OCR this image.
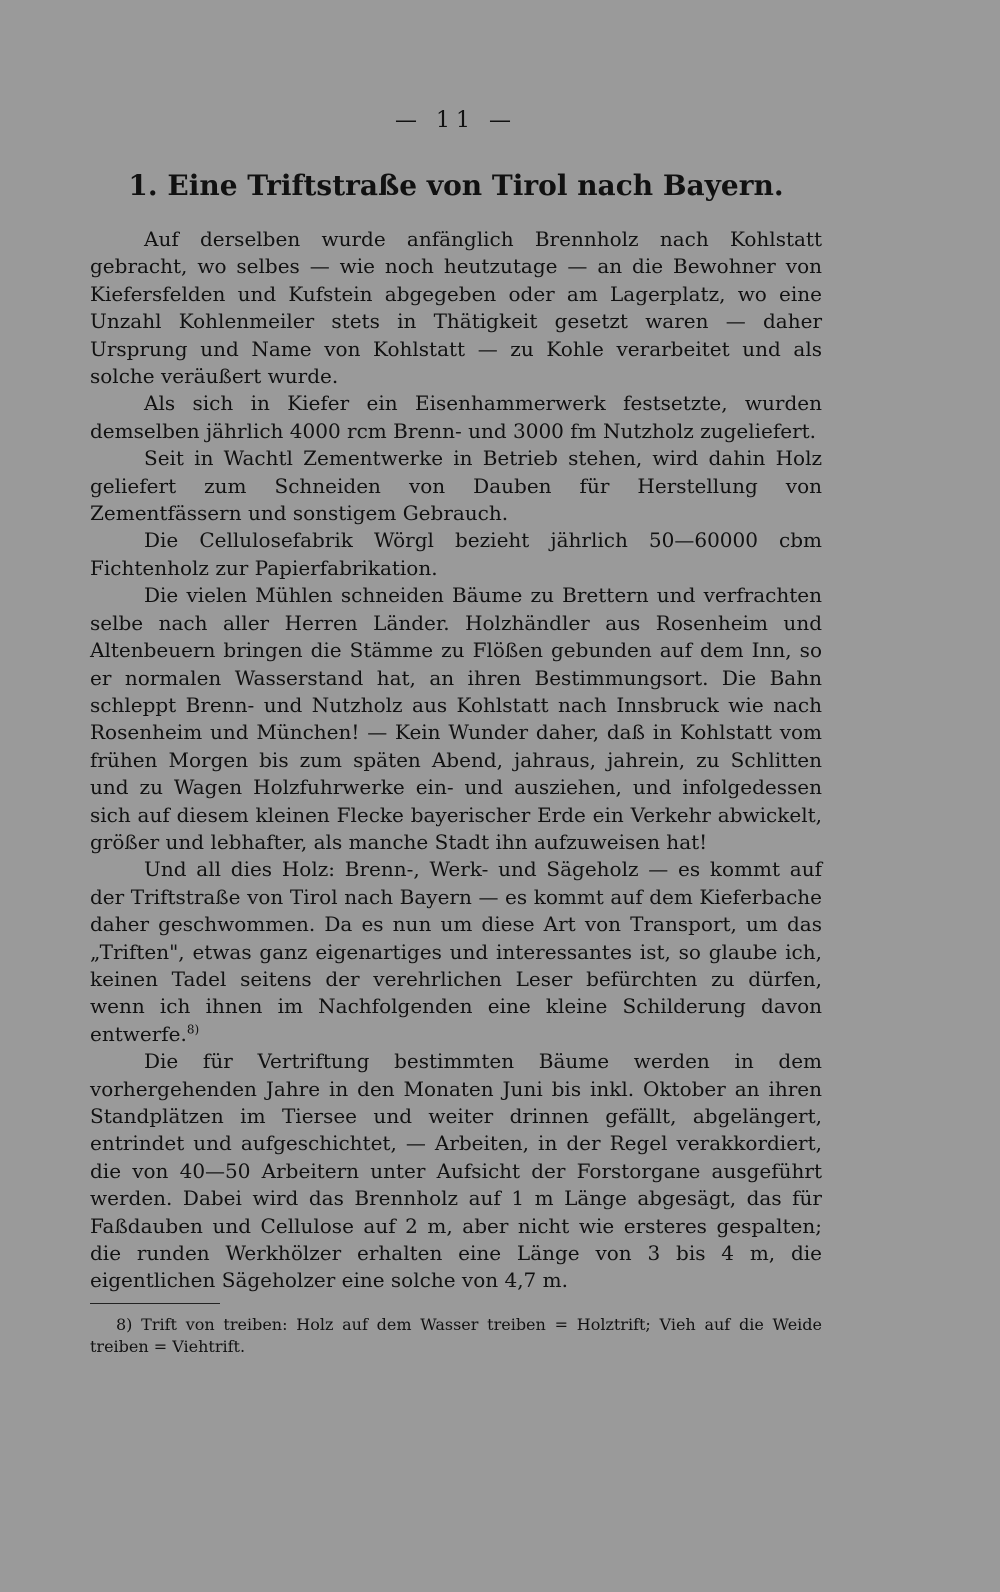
— 11 —
1. Eine Triftstraße von Tirol nach Bayern.

Auf derselben wurde anfänglich Brennholz nach Kohlstatt gebracht, wo selbes — wie noch heutzutage — an die Bewohner von Kiefersfelden und Kufstein abgegeben oder am Lagerplatz, wo eine Unzahl Kohlenmeiler stets in Thätigkeit gesetzt waren — daher Ursprung und Name von Kohlstatt — zu Kohle verarbeitet und als solche veräußert wurde.

Als sich in Kiefer ein Eisenhammerwerk festsetzte, wurden demselben jährlich 4000 rcm Brenn- und 3000 fm Nutzholz zugeliefert.

Seit in Wachtl Zementwerke in Betrieb stehen, wird dahin Holz geliefert zum Schneiden von Dauben für Herstellung von Zementfässern und sonstigem Gebrauch.

Die Cellulosefabrik Wörgl bezieht jährlich 50—60000 cbm Fichtenholz zur Papierfabrikation.

Die vielen Mühlen schneiden Bäume zu Brettern und verfrachten selbe nach aller Herren Länder. Holzhändler aus Rosenheim und Altenbeuern bringen die Stämme zu Flößen gebunden auf dem Inn, so er normalen Wasserstand hat, an ihren Bestimmungsort. Die Bahn schleppt Brenn- und Nutzholz aus Kohlstatt nach Innsbruck wie nach Rosenheim und München! — Kein Wunder daher, daß in Kohlstatt vom frühen Morgen bis zum späten Abend, jahraus, jahrein, zu Schlitten und zu Wagen Holzfuhrwerke ein- und ausziehen, und infolgedessen sich auf diesem kleinen Flecke bayerischer Erde ein Verkehr abwickelt, größer und lebhafter, als manche Stadt ihn aufzuweisen hat!

Und all dies Holz: Brenn-, Werk- und Sägeholz — es kommt auf der Triftstraße von Tirol nach Bayern — es kommt auf dem Kieferbache daher geschwommen. Da es nun um diese Art von Transport, um das „Triften", etwas ganz eigenartiges und interessantes ist, so glaube ich, keinen Tadel seitens der verehrlichen Leser befürchten zu dürfen, wenn ich ihnen im Nachfolgenden eine kleine Schilderung davon entwerfe.$^{8)}$

Die für Vertriftung bestimmten Bäume werden in dem vorhergehenden Jahre in den Monaten Juni bis inkl. Oktober an ihren Standplätzen im Tiersee und weiter drinnen gefällt, abgelängert, entrindet und aufgeschichtet, — Arbeiten, in der Regel verakkordiert, die von 40—50 Arbeitern unter Aufsicht der Forstorgane ausgeführt werden. Dabei wird das Brennholz auf 1 m Länge abgesägt, das für Faßdauben und Cellulose auf 2 m, aber nicht wie ersteres gespalten; die runden Werkhölzer erhalten eine Länge von 3 bis 4 m, die eigentlichen Sägeholzer eine solche von 4,7 m.

8) Trift von treiben: Holz auf dem Wasser treiben = Holztrift; Vieh auf die Weide treiben = Viehtrift.
